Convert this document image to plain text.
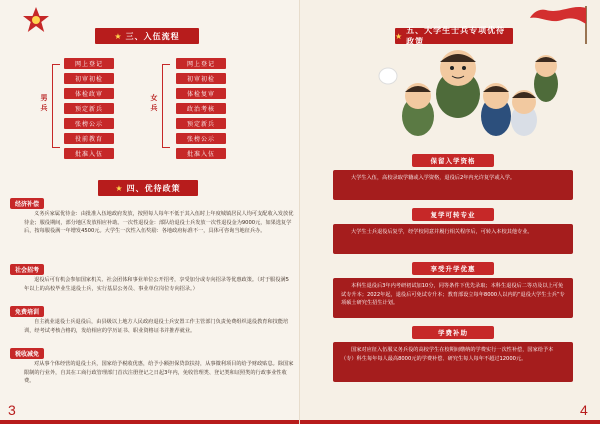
★ 三、入伍流程
男兵
网上登记
初审初检
体检政审
预定新兵
张榜公示
役前教育
批准入伍
女兵
网上登记
初审初检
体检复审
政治考核
预定新兵
张榜公示
批准入伍
★ 四、优待政策
经济补偿
义务兵家属优待金：由批准入伍地政府发放，按照每人每年不低于其入伍时上年度城镇居民人均可支配收入发放优待金；服役期间，部分地区发放相应补助。一次性退役金：部队给退役士兵发放一次性退役金为9000元，如果选复学后，按每服役满一年增发4500元。大学生一次性入伍奖励：各地政府标准不一，具体可咨询当地征兵办。
社会招考
退役后可有机会参加国家机关、社会团体和事业单位公开招考，享受加分或专向招录等优惠政策。（对于服役满5年以上的高校毕业生退役士兵，实行基层公务员、事业单位岗位专向招录。）
免费培训
自主就业退役士兵退役后，由县级以上地方人民政府退役士兵安置工作主管部门负责免费组织退役教育和技能培训，经考试考核合格的，发给相应的学历证书、职业资格证书并推荐就业。
税收减免
对从事个体经营的退役士兵，国家给予税收优惠，给予小额担保贷款扶持，从事微利项目的给予财政贴息。除国家限制的行业外，自其在工商行政管理部门首次注册登记之日起3年内，免收管理类、登记类和证照类的行政事业性收费。
3
★
五、大学生士兵专项优待政策
保留入学资格
大学生入伍，高校录取学籍或入学资格，退役后2年内允许复学或入学。
复学可转专业
大学生士兵退役后复学，经学校同意并履行相关程序后，可转入本校其他专业。
享受升学优惠
本科生退役后3年内考研初试加10分，同等条件下优先录取；本科生退役后二等功及以上可免试专升本；2022年起，退役后可免试专升本；教育部设立每年8000人以内的“退役大学生士兵”专项硕士研究生招生计划。
学费补助
国家对应征入伍服义务兵役的高校学生在校期间缴纳的学费实行一次性补偿，国家给予本（专）科生每年每人最高8000元的学费补偿、研究生每人每年不超过12000元。
4
